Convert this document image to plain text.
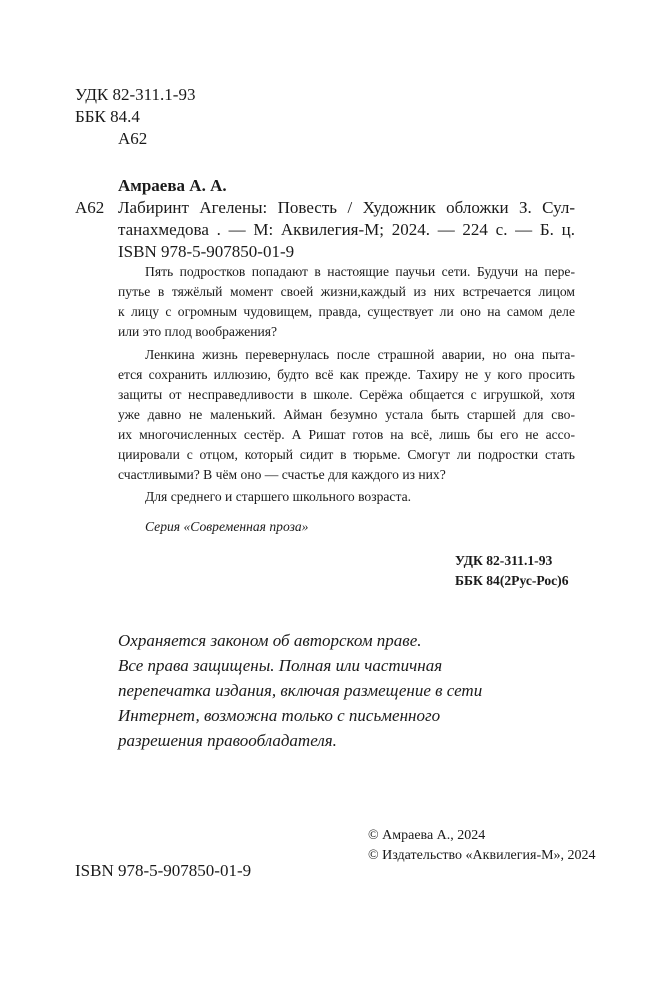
УДК 82-311.1-93
ББК 84.4
А62
Амраева А. А.
А62 Лабиринт Агелены: Повесть / Художник обложки З. Сул-
танахмедова . — М: Аквилегия-М; 2024. — 224 с. — Б. ц.
ISBN 978-5-907850-01-9
Пять подростков попадают в настоящие паучьи сети. Будучи на пере-
путье в тяжёлый момент своей жизни,каждый из них встречается лицом
к лицу с огромным чудовищем, правда, существует ли оно на самом деле
или это плод воображения?
Ленкина жизнь перевернулась после страшной аварии, но она пыта-
ется сохранить иллюзию, будто всё как прежде. Тахиру не у кого просить
защиты от несправедливости в школе. Серёжа общается с игрушкой, хотя
уже давно не маленький. Айман безумно устала быть старшей для сво-
их многочисленных сестёр. А Ришат готов на всё, лишь бы его не ассо-
циировали с отцом, который сидит в тюрьме. Смогут ли подростки стать
счастливыми? В чём оно — счастье для каждого из них?
Для среднего и старшего школьного возраста.
Серия «Современная проза»
УДК 82-311.1-93
ББК 84(2Рус-Рос)6
Охраняется законом об авторском праве.
Все права защищены. Полная или частичная
перепечатка издания, включая размещение в сети
Интернет, возможна только с письменного
разрешения правообладателя.
© Амраева А., 2024
© Издательство «Аквилегия-М», 2024
ISBN 978-5-907850-01-9
